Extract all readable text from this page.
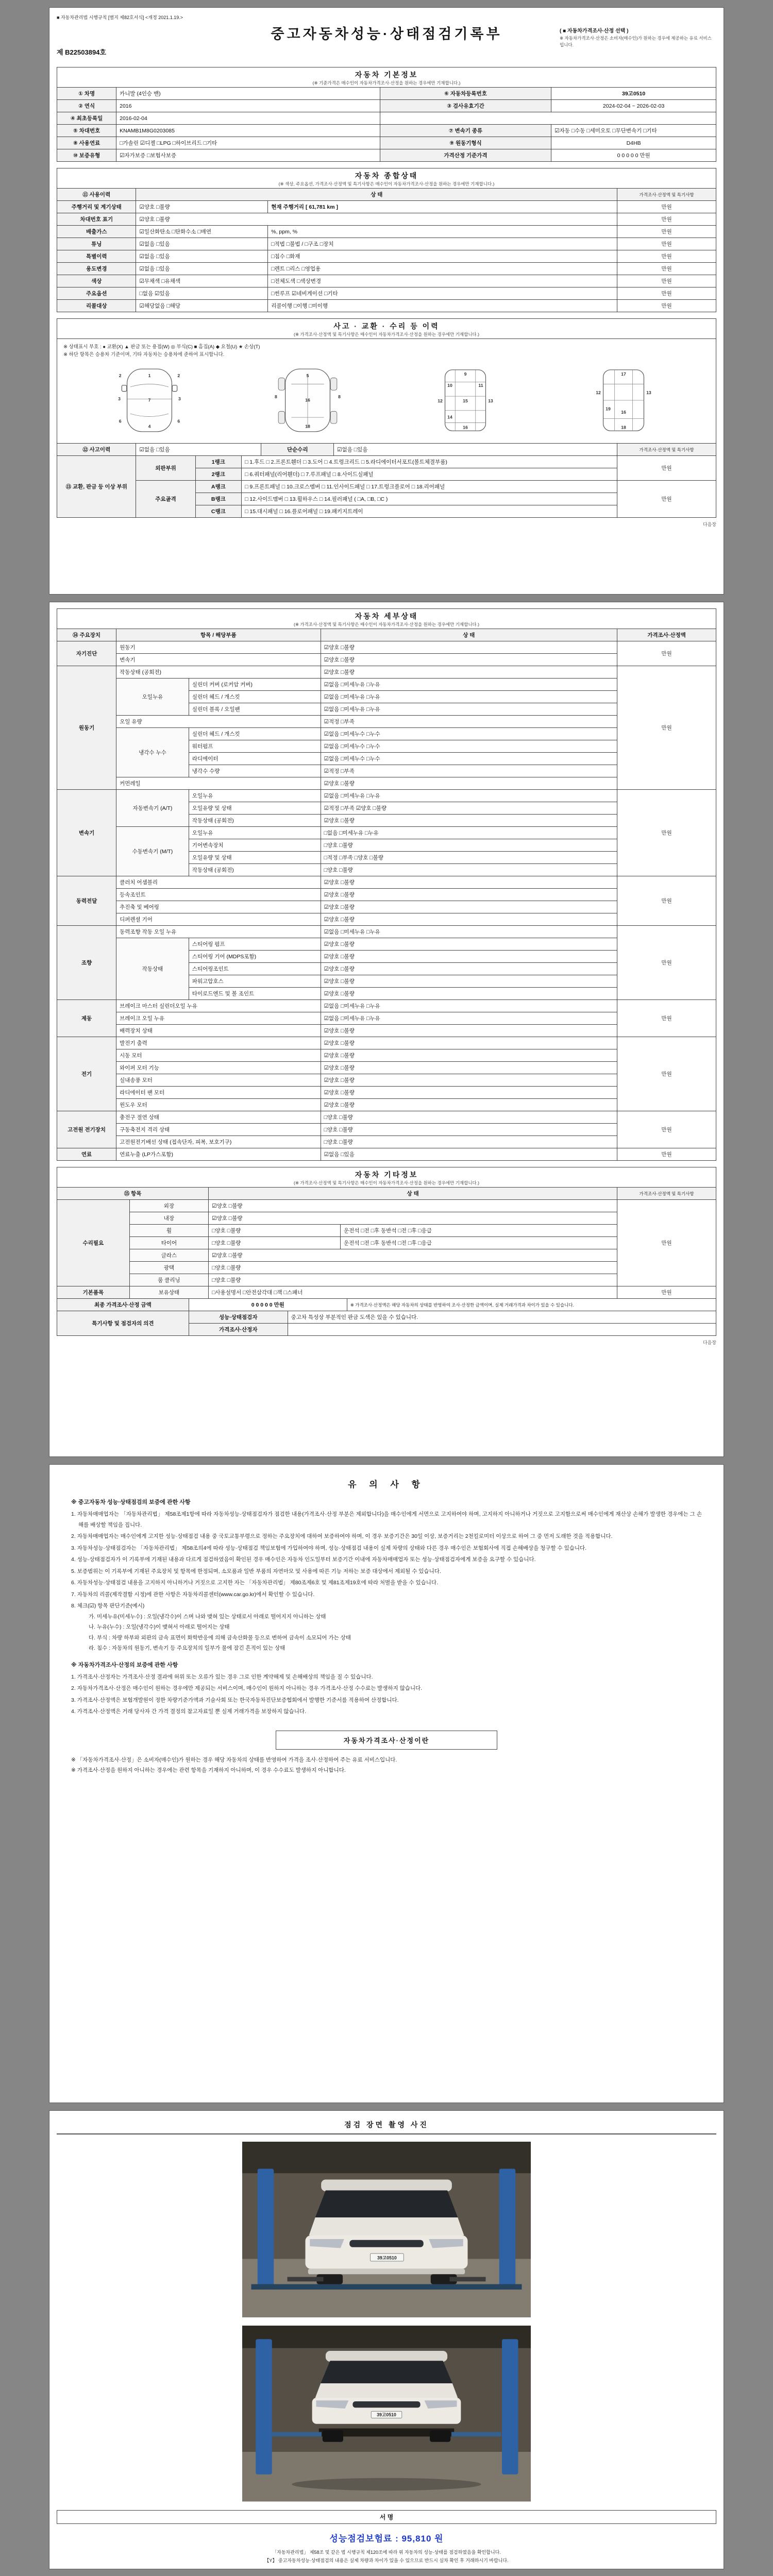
■ 자동차관리법 시행규칙 [별지 제82호서식] <개정 2021.1.19.>
중고자동차성능·상태점검기록부	( ■ 자동차가격조사·산정 선택 )
※ 자동차가격조사·산정은 소비자(매수인)가 원하는 경우에 제공하는 유료 서비스입니다.
제 B22503894호
자동차 기본정보
(※ 기준가격은 매수인이 자동차가격조사·산정을 원하는 경우에만 기재합니다.)
① 차명	카니발 (4인승 밴)	⑥ 자동차등록번호	39고0510
② 연식	2016	③ 검사유효기간	2024-02-04 ~ 2026-02-03
④ 최초등록일	2016-02-04		
⑤ 차대번호	KNAMB1M8G0203085	⑦ 변속기 종류	☑자동 □수동 □세미오토 □무단변속기 □기타
⑧ 사용연료	□가솔린 ☑디젤 □LPG □하이브리드 □기타	⑨ 원동기형식	D4HB
⑩ 보증유형	☑자가보증 □보험사보증	가격산정 기준가격	0 0 0 0 0 만원
자동차 종합상태
(※ 색상, 주요옵션, 가격조사·산정액 및 특기사항은 매수인이 자동차가격조사·산정을 원하는 경우에만 기재합니다.)
⑪ 사용이력	상 태		가격조사·산정액 및 특기사항
주행거리 및 계기상태	☑양호 □불량	현재 주행거리 [ 61,781 km ]	만원
차대번호 표기	☑양호 □불량		만원
배출가스	☑일산화탄소 □탄화수소 □매연	%, ppm, %	만원
튜닝	☑없음 □있음	□적법 □불법 / □구조 □장치	만원
특별이력	☑없음 □있음	□침수 □화재	만원
용도변경	☑없음 □있음	□렌트 □리스 □영업용	만원
색상	☑무채색 □유채색	□전체도색 □색상변경	만원
주요옵션	□없음 ☑있음	□썬루프 ☑네비게이션 □기타	만원
리콜대상	☑해당없음 □해당	리콜이행 □이행 □미이행	만원
사고 · 교환 · 수리 등 이력
(※ 가격조사·산정액 및 특기사항은 매수인이 자동차가격조사·산정을 원하는 경우에만 기재합니다.)
※ 상태표시 부호 : ● 교환(X) ▲ 판금 또는 용접(W) ◎ 부식(C) ■ 흠집(A) ◆ 요철(U) ★ 손상(T)
※ 하단 항목은 승용차 기준이며, 기타 자동차는 승용차에 준하여 표시합니다.
1
2	2
3	3
7
6	6
4
5
8	8
16
18
9
10	11
12	13
15
14
16
17
12	13
19
16
18
⑫ 사고이력	☑없음 □있음	단순수리	☑없음 □있음	가격조사·산정액 및 특기사항
⑬ 교환, 판금 등 이상 부위	외판부위	1랭크	□ 1.후드 □ 2.프론트휀더 □ 3.도어 □ 4.트렁크리드 □ 5.라디에이터서포트(볼트체결부품)	만원
		2랭크	□ 6.쿼터패널(리어휀더) □ 7.루프패널 □ 8.사이드실패널	
	주요골격	A랭크	□ 9.프론트패널 □ 10.크로스멤버 □ 11.인사이드패널 □ 17.트렁크플로어 □ 18.리어패널	만원
		B랭크	□ 12.사이드멤버 □ 13.휠하우스 □ 14.필러패널 ( □A, □B, □C )	
		C랭크	□ 15.대시패널 □ 16.플로어패널 □ 19.패키지트레이	
다음장
자동차 세부상태
(※ 가격조사·산정액 및 특기사항은 매수인이 자동차가격조사·산정을 원하는 경우에만 기재합니다.)
⑭ 주요장치	항목 / 해당부품		상 태	가격조사·산정액
자기진단	원동기		☑양호 □불량	만원
	변속기		☑양호 □불량	
원동기	작동상태 (공회전)		☑양호 □불량	만원
	오일누유	실린더 커버 (로커암 커버)	☑없음 □미세누유 □누유	
		실린더 헤드 / 개스킷	☑없음 □미세누유 □누유	
		실린더 블록 / 오일팬	☑없음 □미세누유 □누유	
	오일 유량		☑적정 □부족	
	냉각수 누수	실린더 헤드 / 개스킷	☑없음 □미세누수 □누수	
		워터펌프	☑없음 □미세누수 □누수	
		라디에이터	☑없음 □미세누수 □누수	
		냉각수 수량	☑적정 □부족	
	커먼레일		☑양호 □불량	
변속기	자동변속기 (A/T)	오일누유	☑없음 □미세누유 □누유	만원
		오일유량 및 상태	☑적정 □부족 ☑양호 □불량	
		작동상태 (공회전)	☑양호 □불량	
	수동변속기 (M/T)	오일누유	□없음 □미세누유 □누유	
		기어변속장치	□양호 □불량	
		오일유량 및 상태	□적정 □부족 □양호 □불량	
		작동상태 (공회전)	□양호 □불량	
동력전달	클러치 어셈블리		☑양호 □불량	만원
	등속조인트		☑양호 □불량	
	추진축 및 베어링		☑양호 □불량	
	디퍼렌셜 기어		☑양호 □불량	
조향	동력조향 작동 오일 누유		☑없음 □미세누유 □누유	만원
	작동상태	스티어링 펌프	☑양호 □불량	
		스티어링 기어 (MDPS포함)	☑양호 □불량	
		스티어링조인트	☑양호 □불량	
		파워고압호스	☑양호 □불량	
		타이로드엔드 및 볼 조인트	☑양호 □불량	
제동	브레이크 마스터 실린더오일 누유		☑없음 □미세누유 □누유	만원
	브레이크 오일 누유		☑없음 □미세누유 □누유	
	배력장치 상태		☑양호 □불량	
전기	발전기 출력		☑양호 □불량	만원
	시동 모터		☑양호 □불량	
	와이퍼 모터 기능		☑양호 □불량	
	실내송풍 모터		☑양호 □불량	
	라디에이터 팬 모터		☑양호 □불량	
	윈도우 모터		☑양호 □불량	
고전원 전기장치	충전구 절연 상태		□양호 □불량	만원
	구동축전지 격리 상태		□양호 □불량	
	고전원전기배선 상태 (접속단자, 피복, 보호기구)		□양호 □불량	
연료	연료누출 (LP가스포함)		☑없음 □있음	만원
자동차 기타정보
(※ 가격조사·산정액 및 특기사항은 매수인이 자동차가격조사·산정을 원하는 경우에만 기재합니다.)
⑮ 항목		상 태		가격조사·산정액 및 특기사항
수리필요	외장	☑양호 □불량		만원
	내장	☑양호 □불량		
	휠	□양호 □불량	운전석 □전 □후 동반석 □전 □후 □응급	
	타이어	□양호 □불량	운전석 □전 □후 동반석 □전 □후 □응급	
	글라스	☑양호 □불량		
	광택	□양호 □불량		
	룸 클리닝	□양호 □불량		
기본품목	보유상태	□사용설명서 □안전삼각대 □잭 □스패너		만원
최종 가격조사·산정 금액	0 0 0 0 0 만원	※ 가격조사·산정액은 해당 자동차의 상태를 반영하여 조사·산정한 금액이며, 실제 거래가격과 차이가 있을 수 있습니다.
특기사항 및 점검자의 의견	성능·상태점검자	중고차 특성상 부분적인 판금 도색은 있을 수 있습니다.
	가격조사·산정자	
다음장
유 의 사 항
※ 중고자동차 성능·상태점검의 보증에 관한 사항
1. 자동차매매업자는 「자동차관리법」 제58조제1항에 따라 자동차성능·상태점검자가 점검한 내용(가격조사·산정 부분은 제외합니다)을 매수인에게 서면으로 고지하여야 하며, 고지하지 아니하거나 거짓으로 고지함으로써 매수인에게 재산상 손해가 발생한 경우에는 그 손해를 배상할 책임을 집니다.
2. 자동차매매업자는 매수인에게 고지한 성능·상태점검 내용 중 국토교통부령으로 정하는 주요장치에 대하여 보증하여야 하며, 이 경우 보증기간은 30일 이상, 보증거리는 2천킬로미터 이상으로 하여 그 중 먼저 도래한 것을 적용합니다.
3. 자동차성능·상태점검자는 「자동차관리법」 제58조의4에 따라 성능·상태점검 책임보험에 가입하여야 하며, 성능·상태점검 내용이 실제 차량의 상태와 다른 경우 매수인은 보험회사에 직접 손해배상을 청구할 수 있습니다.
4. 성능·상태점검자가 이 기록부에 기재된 내용과 다르게 점검하였음이 확인된 경우 매수인은 자동차 인도일부터 보증기간 이내에 자동차매매업자 또는 성능·상태점검자에게 보증을 요구할 수 있습니다.
5. 보증범위는 이 기록부에 기재된 주요장치 및 항목에 한정되며, 소모품과 일반 부품의 자연마모 및 사용에 따른 기능 저하는 보증 대상에서 제외될 수 있습니다.
6. 자동차성능·상태점검 내용을 고지하지 아니하거나 거짓으로 고지한 자는 「자동차관리법」 제80조제6호 및 제81조제19호에 따라 처벌을 받을 수 있습니다.
7. 자동차의 리콜(제작결함 시정)에 관한 사항은 자동차리콜센터(www.car.go.kr)에서 확인할 수 있습니다.
8. 체크(☑) 항목 판단기준(예시)
가. 미세누유(미세누수) : 오일(냉각수)이 스며 나와 맺혀 있는 상태로서 아래로 떨어지지 아니하는 상태
나. 누유(누수) : 오일(냉각수)이 맺혀서 아래로 떨어지는 상태
다. 부식 : 차량 하부와 외판의 금속 표면이 화학반응에 의해 금속산화물 등으로 변하여 금속이 소모되어 가는 상태
라. 침수 : 자동차의 원동기, 변속기 등 주요장치의 일부가 물에 잠긴 흔적이 있는 상태
※ 자동차가격조사·산정의 보증에 관한 사항
1. 가격조사·산정자는 가격조사·산정 결과에 허위 또는 오류가 있는 경우 그로 인한 계약해제 및 손해배상의 책임을 질 수 있습니다.
2. 자동차가격조사·산정은 매수인이 원하는 경우에만 제공되는 서비스이며, 매수인이 원하지 아니하는 경우 가격조사·산정 수수료는 발생하지 않습니다.
3. 가격조사·산정액은 보험개발원이 정한 차량기준가액과 기술사회 또는 한국자동차진단보증협회에서 발행한 기준서를 적용하여 산정합니다.
4. 가격조사·산정액은 거래 당사자 간 가격 결정의 참고자료일 뿐 실제 거래가격을 보장하지 않습니다.
자동차가격조사·산정이란
※ 「자동차가격조사·산정」은 소비자(매수인)가 원하는 경우 해당 자동차의 상태를 반영하여 가격을 조사·산정하여 주는 유료 서비스입니다.
※ 가격조사·산정을 원하지 아니하는 경우에는 관련 항목을 기재하지 아니하며, 이 경우 수수료도 발생하지 아니합니다.
점검 장면 촬영 사진
39고0510
39고0510
서 명
성능점검보험료 : 95,810 원
「자동차관리법」 제58조 및 같은 법 시행규칙 제120조에 따라 위 자동차의 성능·상태를 점검하였음을 확인합니다.
【Y】 중고자동차성능·상태점검의 내용은 실제 차량과 차이가 있을 수 있으므로 반드시 실차 확인 후 거래하시기 바랍니다.
